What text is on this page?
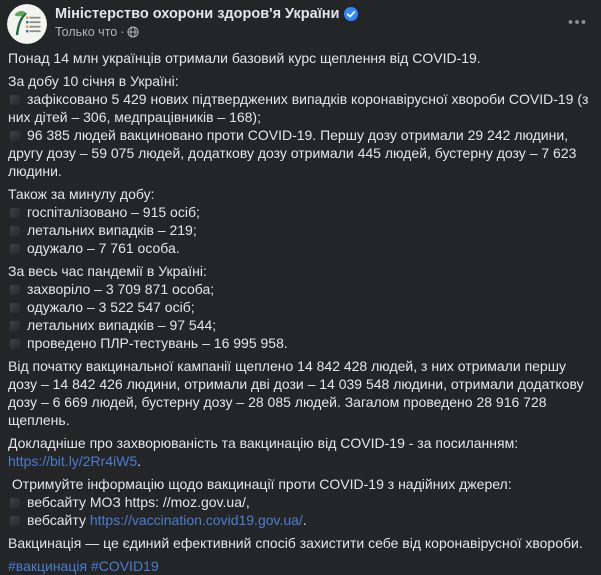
Міністерство охорони здоров'я України
Только что ·
Понад 14 млн українців отримали базовий курс щеплення від COVID-19.
За добу 10 січня в Україні:
зафіксовано 5 429 нових підтверджених випадків коронавірусної хвороби COVID-19 (з них дітей – 306, медпрацівників – 168);
96 385 людей вакциновано проти COVID-19. Першу дозу отримали 29 242 людини, другу дозу – 59 075 людей, додаткову дозу отримали 445 людей, бустерну дозу – 7 623 людини.
Також за минулу добу:
госпіталізовано – 915 осіб;
летальних випадків – 219;
одужало – 7 761 особа.
За весь час пандемії в Україні:
захворіло – 3 709 871 особа;
одужало – 3 522 547 осіб;
летальних випадків – 97 544;
проведено ПЛР-тестувань – 16 995 958.
Від початку вакцинальної кампанії щеплено 14 842 428 людей, з них отримали першу дозу – 14 842 426 людини, отримали дві дози – 14 039 548 людини, отримали додаткову дозу – 6 669 людей, бустерну дозу – 28 085 людей. Загалом проведено 28 916 728 щеплень.
Докладніше про захворюваність та вакцинацію від COVID-19 - за посиланням:
https://bit.ly/2Rr4iW5.
Отримуйте інформацію щодо вакцинації проти COVID-19 з надійних джерел:
вебсайту МОЗ https: //moz.gov.ua/,
вебсайту https://vaccination.covid19.gov.ua/.
Вакцинація — це єдиний ефективний спосіб захистити себе від коронавірусної хвороби.
#вакцинація #COVID19
